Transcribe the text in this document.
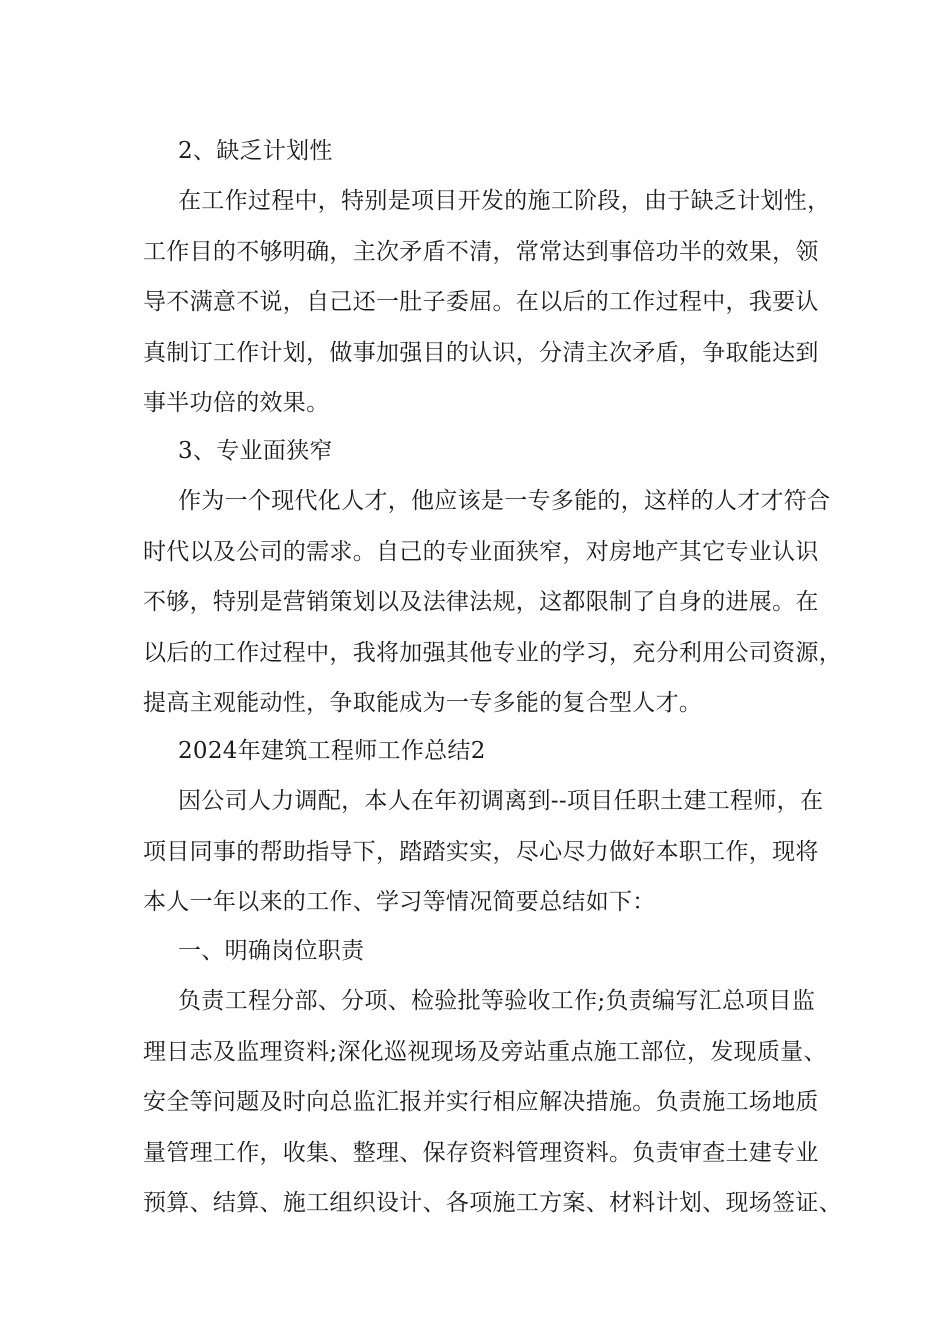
2、缺乏计划性
在工作过程中，特别是项目开发的施工阶段，由于缺乏计划性，
工作目的不够明确，主次矛盾不清，常常达到事倍功半的效果，领
导不满意不说，自己还一肚子委屈。在以后的工作过程中，我要认
真制订工作计划，做事加强目的认识，分清主次矛盾，争取能达到
事半功倍的效果。
3、专业面狭窄
作为一个现代化人才，他应该是一专多能的，这样的人才才符合
时代以及公司的需求。自己的专业面狭窄，对房地产其它专业认识
不够，特别是营销策划以及法律法规，这都限制了自身的进展。在
以后的工作过程中，我将加强其他专业的学习，充分利用公司资源，
提高主观能动性，争取能成为一专多能的复合型人才。
2024年建筑工程师工作总结2
因公司人力调配，本人在年初调离到--项目任职土建工程师，在
项目同事的帮助指导下，踏踏实实，尽心尽力做好本职工作，现将
本人一年以来的工作、学习等情况简要总结如下：
一、明确岗位职责
负责工程分部、分项、检验批等验收工作;负责编写汇总项目监
理日志及监理资料;深化巡视现场及旁站重点施工部位，发现质量、
安全等问题及时向总监汇报并实行相应解决措施。负责施工场地质
量管理工作，收集、整理、保存资料管理资料。负责审查土建专业
预算、结算、施工组织设计、各项施工方案、材料计划、现场签证、
